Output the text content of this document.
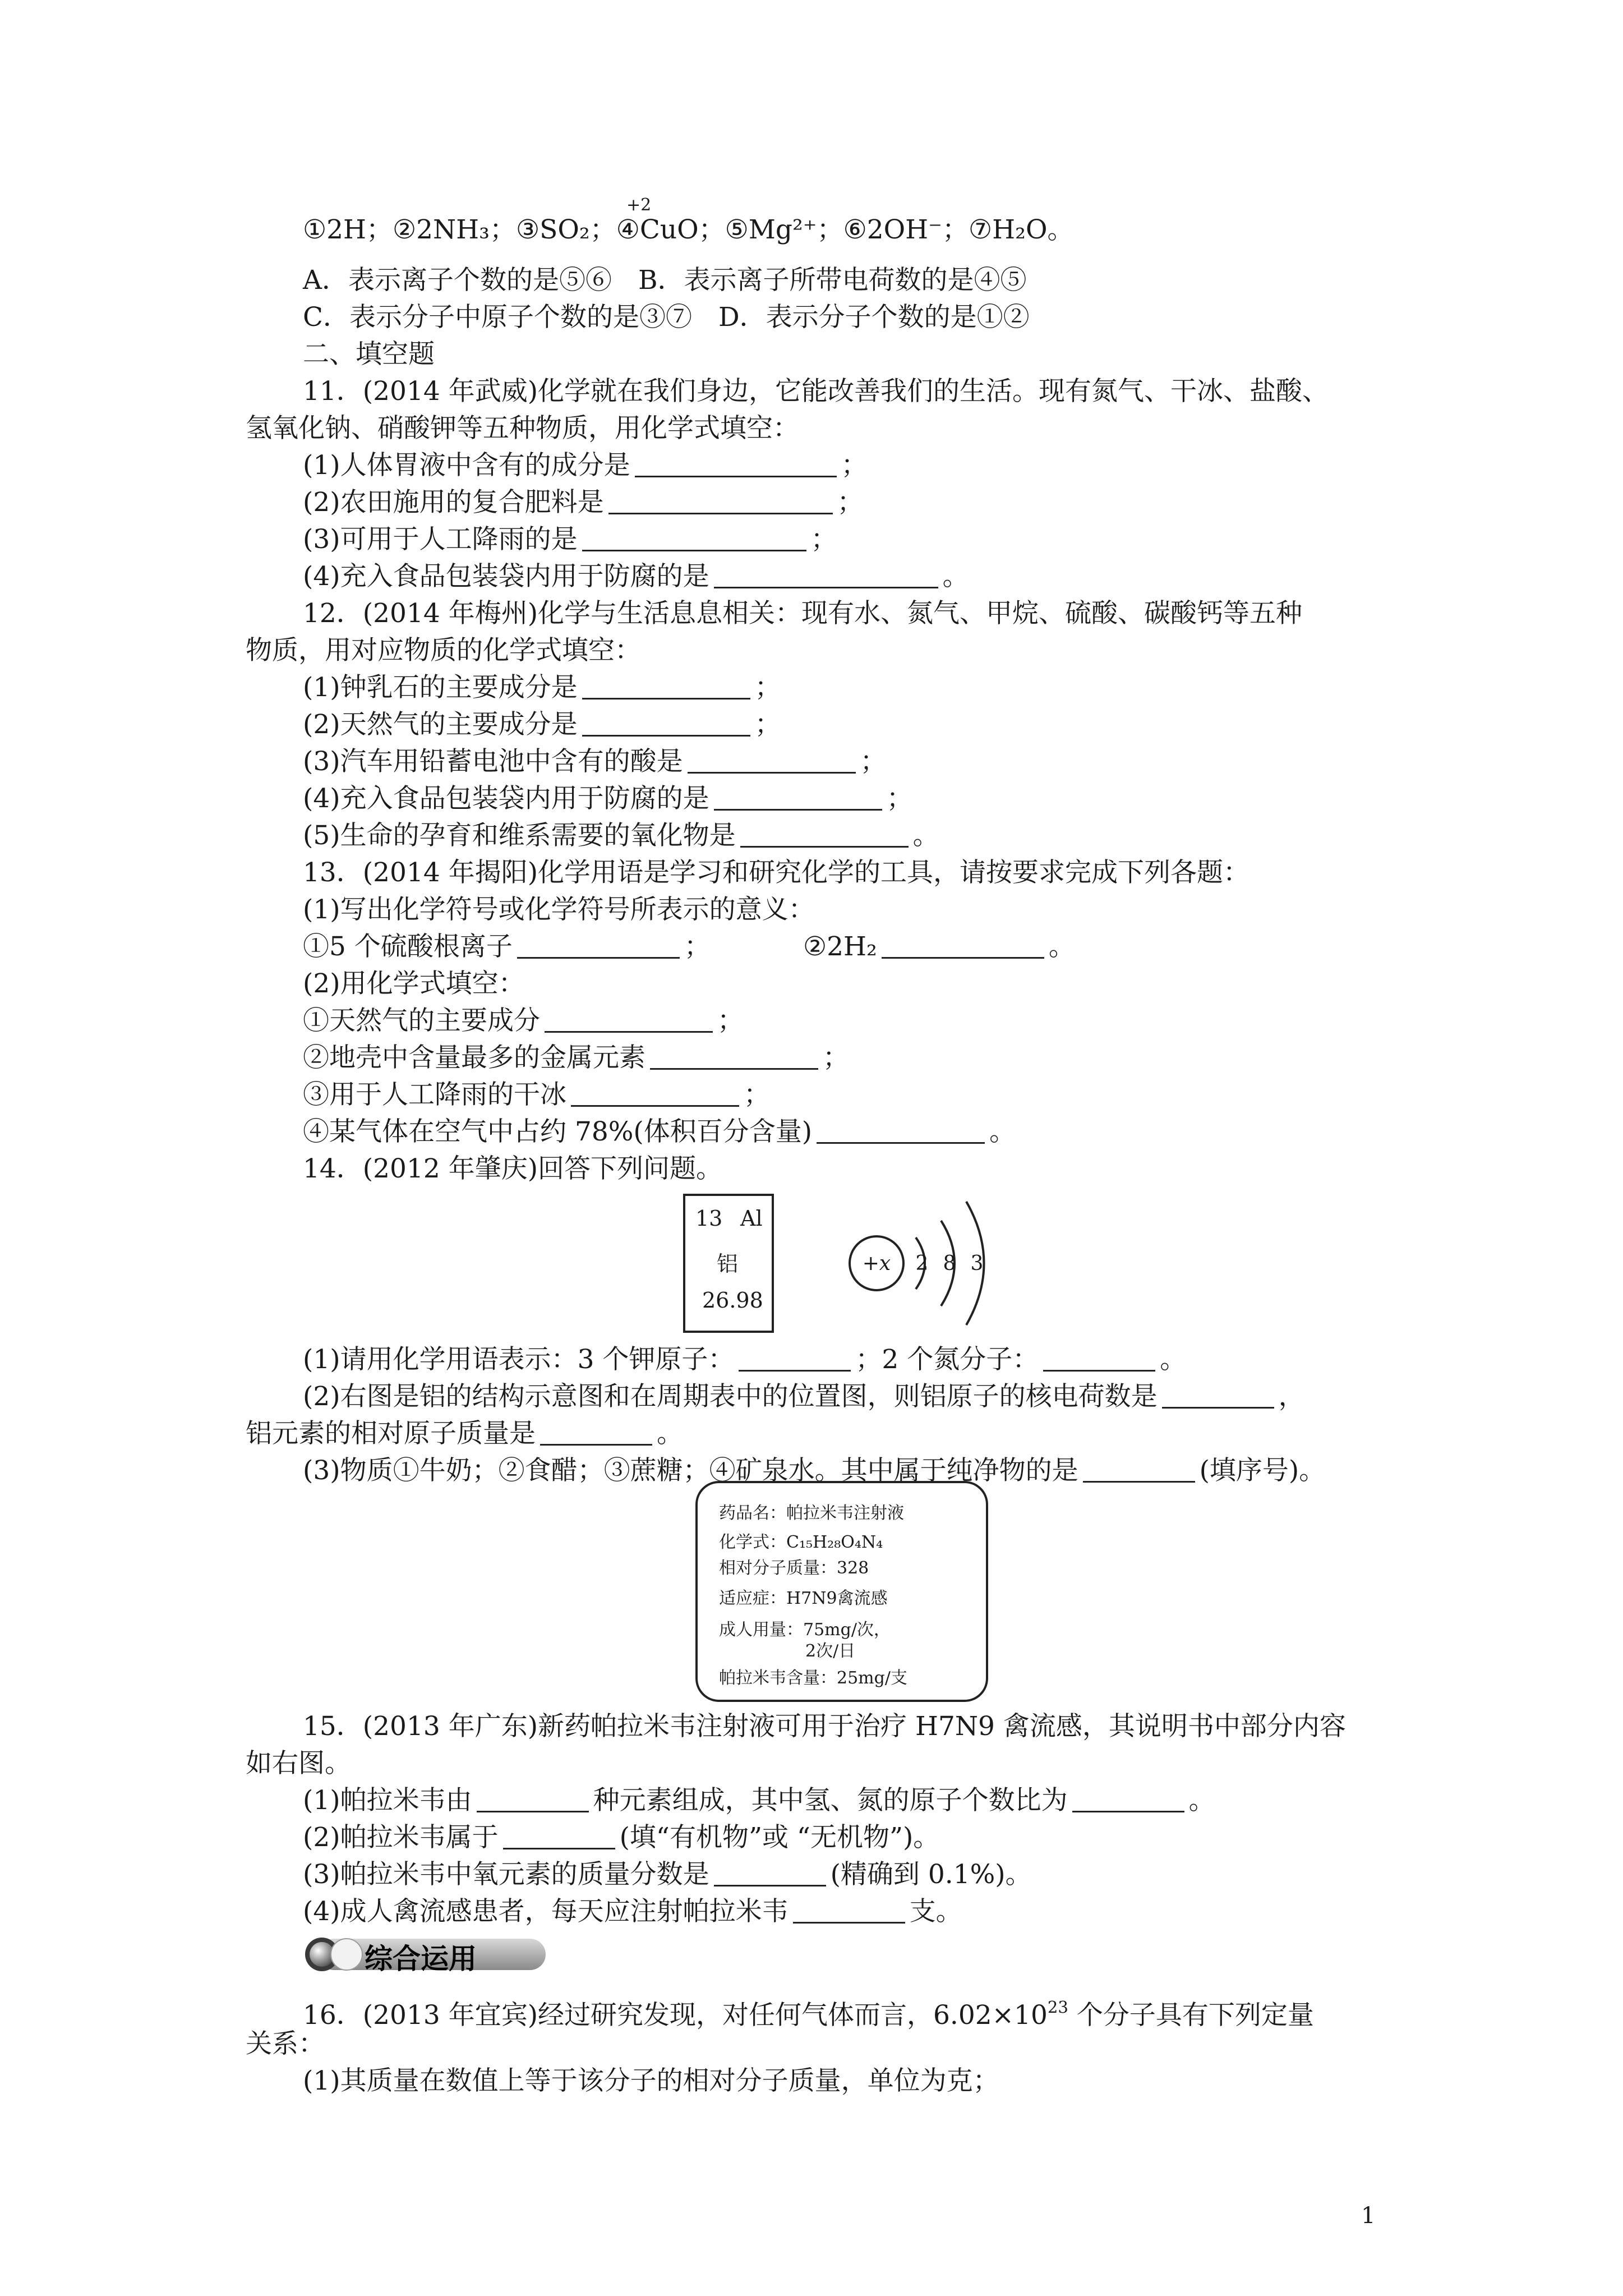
+2
①2H；②2NH₃；③SO₂；④CuO；⑤Mg²⁺；⑥2OH⁻；⑦H₂O。
A．表示离子个数的是⑤⑥　B．表示离子所带电荷数的是④⑤
C．表示分子中原子个数的是③⑦　D．表示分子个数的是①②
二、填空题
11．(2014 年武威)化学就在我们身边，它能改善我们的生活。现有氮气、干冰、盐酸、
氢氧化钠、硝酸钾等五种物质，用化学式填空：
(1)人体胃液中含有的成分是	；
(2)农田施用的复合肥料是	；
(3)可用于人工降雨的是	；
(4)充入食品包装袋内用于防腐的是	。
12．(2014 年梅州)化学与生活息息相关：现有水、氮气、甲烷、硫酸、碳酸钙等五种
物质，用对应物质的化学式填空：
(1)钟乳石的主要成分是	；
(2)天然气的主要成分是	；
(3)汽车用铅蓄电池中含有的酸是	；
(4)充入食品包装袋内用于防腐的是	；
(5)生命的孕育和维系需要的氧化物是	。
13．(2014 年揭阳)化学用语是学习和研究化学的工具，请按要求完成下列各题：
(1)写出化学符号或化学符号所表示的意义：
①5 个硫酸根离子	；	②2H₂	。
(2)用化学式填空：
①天然气的主要成分	；
②地壳中含量最多的金属元素	；
③用于人工降雨的干冰	；
④某气体在空气中占约 78%(体积百分含量)	。
14．(2012 年肇庆)回答下列问题。
13 Al
铝
26.98
+x 2 8 3
(1)请用化学用语表示：3 个钾原子：	；2 个氮分子：	。
(2)右图是铝的结构示意图和在周期表中的位置图，则铝原子的核电荷数是	，
铝元素的相对原子质量是	。
(3)物质①牛奶；②食醋；③蔗糖；④矿泉水。其中属于纯净物的是	(填序号)。
药品名：帕拉米韦注射液
化学式：C₁₅H₂₈O₄N₄
相对分子质量：328
适应症：H7N9禽流感
成人用量：75mg/次，
2次/日
帕拉米韦含量：25mg/支
15．(2013 年广东)新药帕拉米韦注射液可用于治疗 H7N9 禽流感，其说明书中部分内容
如右图。
(1)帕拉米韦由	种元素组成，其中氢、氮的原子个数比为	。
(2)帕拉米韦属于	(填“有机物”或 “无机物”)。
(3)帕拉米韦中氧元素的质量分数是	(精确到 0.1%)。
(4)成人禽流感患者，每天应注射帕拉米韦	支。
综合运用
16．(2013 年宜宾)经过研究发现，对任何气体而言，$6.02\times 10^{23}$ 个分子具有下列定量
关系：
(1)其质量在数值上等于该分子的相对分子质量，单位为克；
1
